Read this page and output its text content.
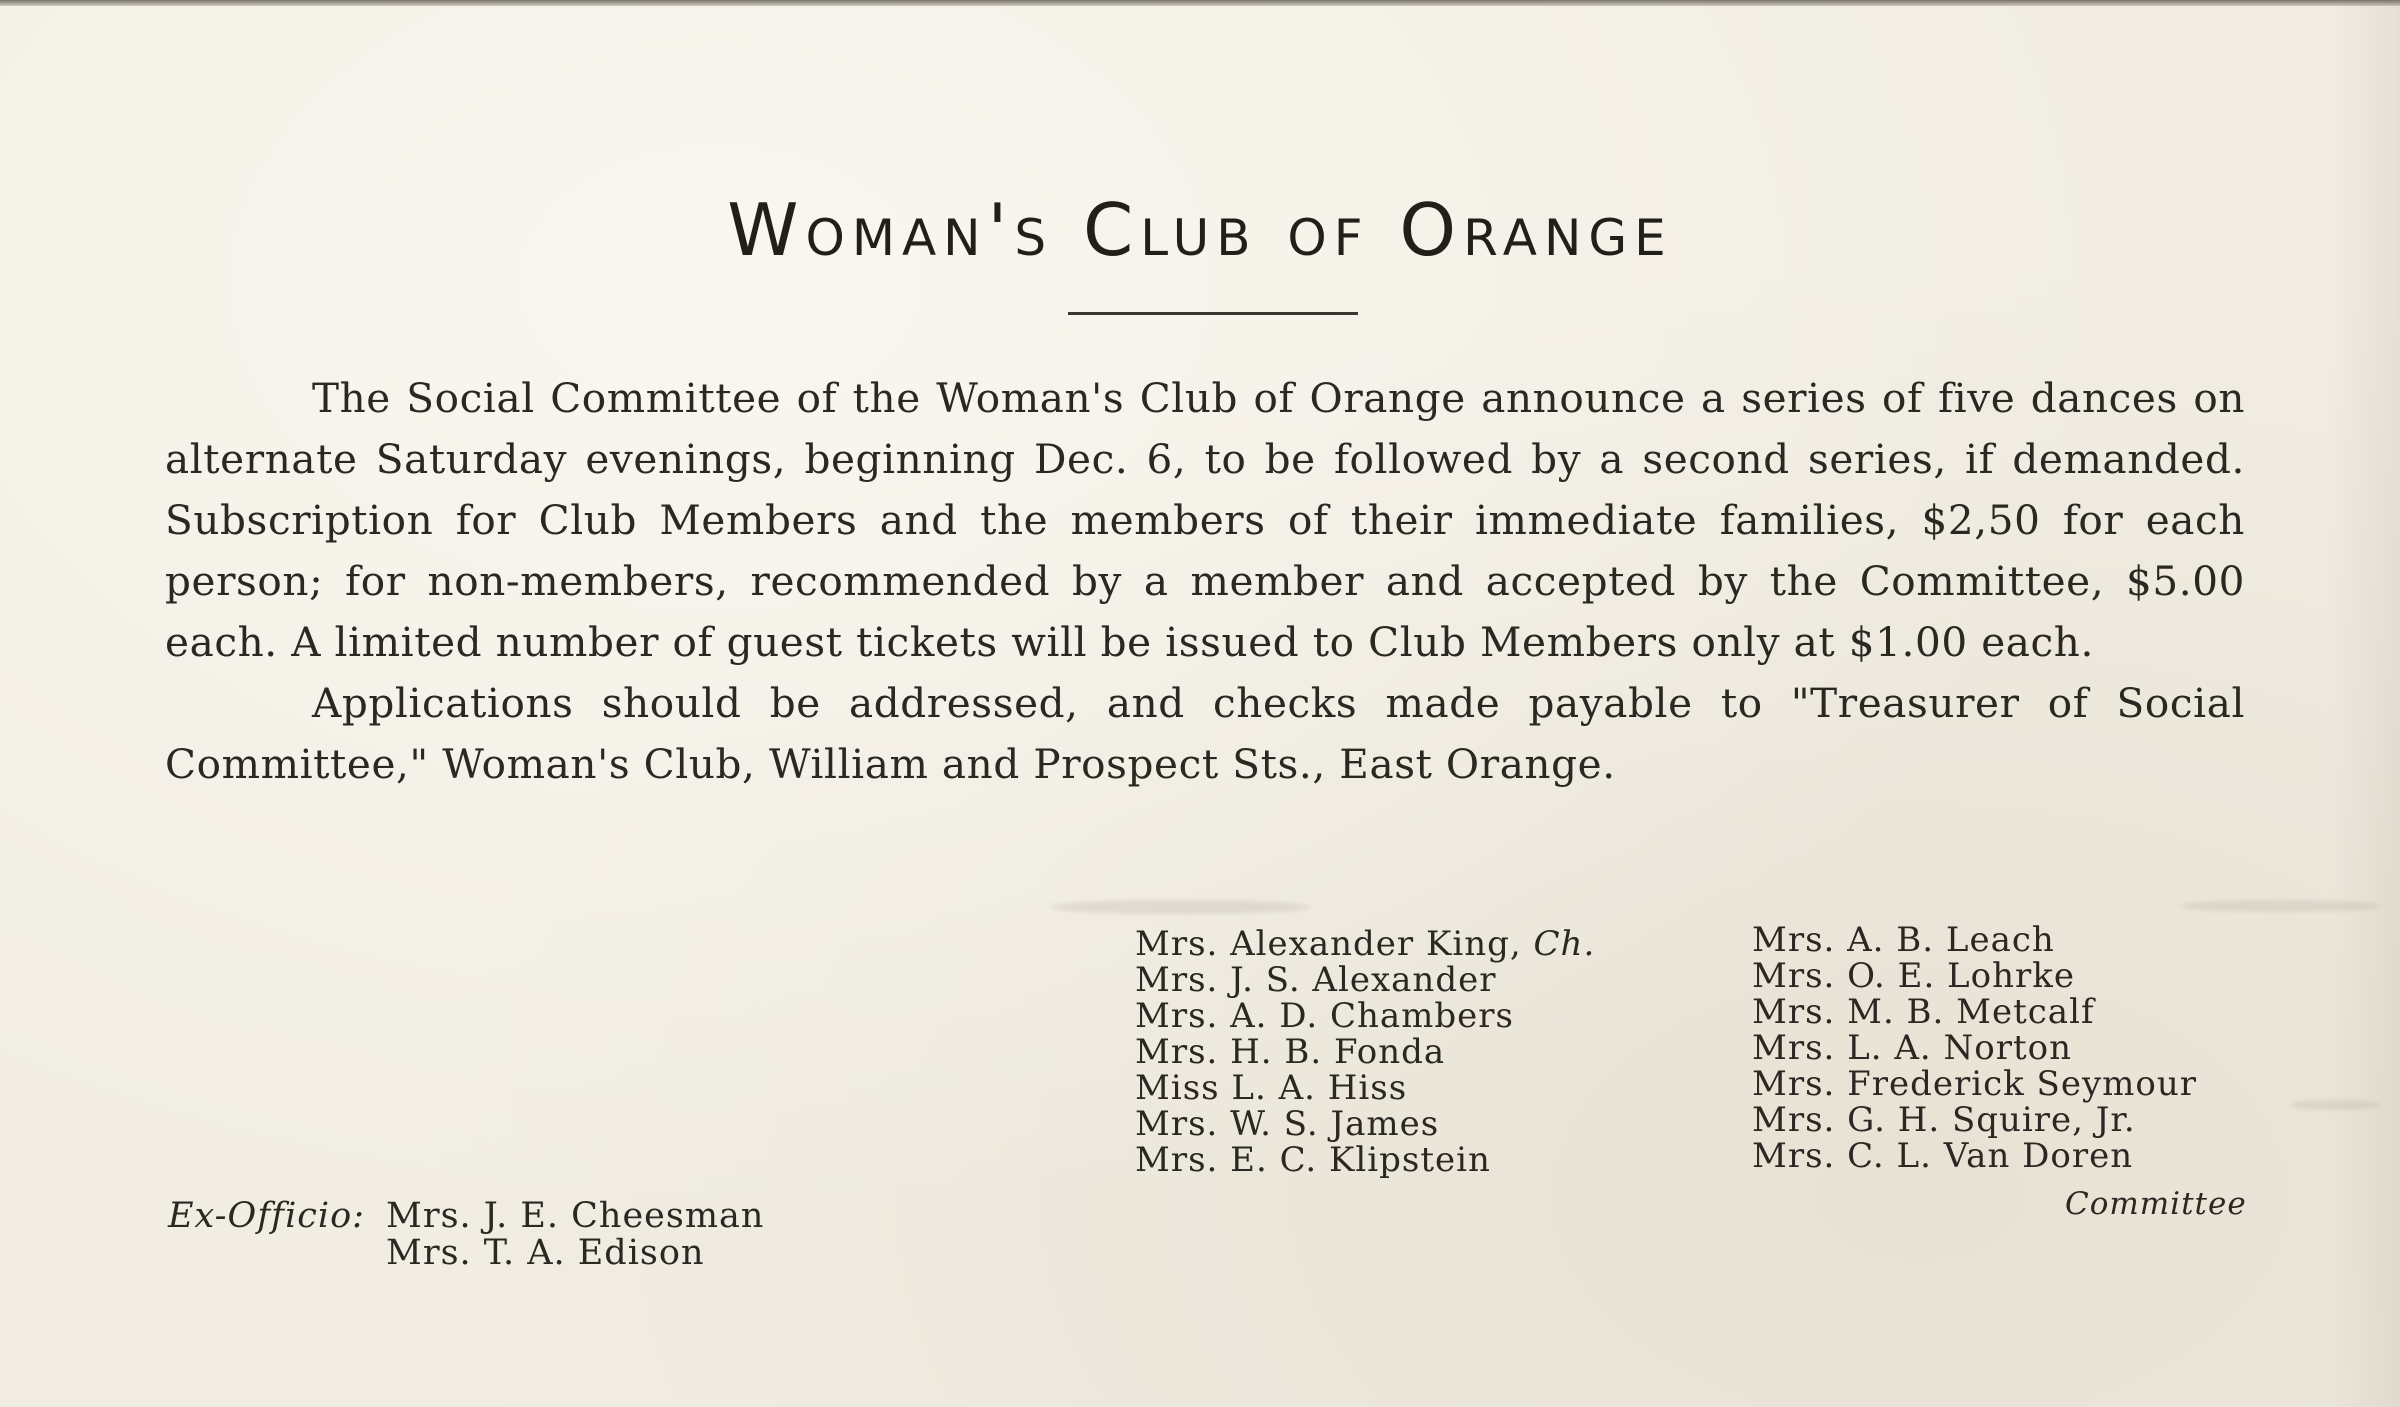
Woman's Club of Orange

The Social Committee of the Woman's Club of Orange announce a series of five dances on alternate Saturday evenings, beginning Dec. 6, to be followed by a second series, if demanded. Subscription for Club Members and the members of their immediate families, $2,50 for each person; for non-members, recommended by a member and accepted by the Committee, $5.00 each. A limited number of guest tickets will be issued to Club Members only at $1.00 each.

Applications should be addressed, and checks made payable to "Treasurer of Social Committee," Woman's Club, William and Prospect Sts., East Orange.

Mrs. Alexander King, Ch.
Mrs. J. S. Alexander
Mrs. A. D. Chambers
Mrs. H. B. Fonda
Miss L. A. Hiss
Mrs. W. S. James
Mrs. E. C. Klipstein
Mrs. A. B. Leach
Mrs. O. E. Lohrke
Mrs. M. B. Metcalf
Mrs. L. A. Norton
Mrs. Frederick Seymour
Mrs. G. H. Squire, Jr.
Mrs. C. L. Van Doren
Committee
Ex-Officio: Mrs. J. E. Cheesman
Mrs. T. A. Edison
